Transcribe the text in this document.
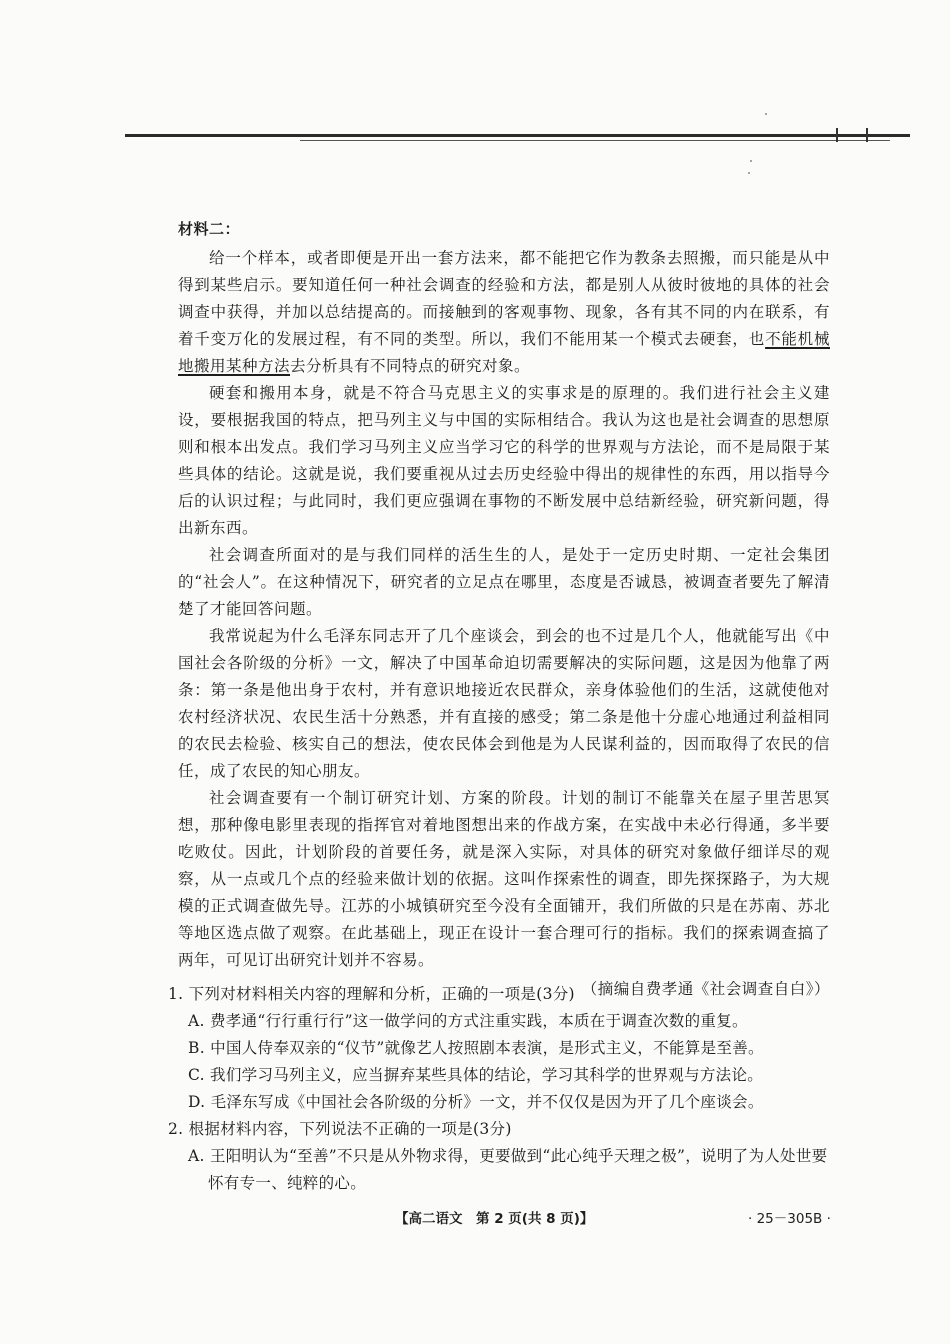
材料二：

给一个样本，或者即便是开出一套方法来，都不能把它作为教条去照搬，而只能是从中得到某些启示。要知道任何一种社会调查的经验和方法，都是别人从彼时彼地的具体的社会调查中获得，并加以总结提高的。而接触到的客观事物、现象，各有其不同的内在联系，有着千变万化的发展过程，有不同的类型。所以，我们不能用某一个模式去硬套，也不能机械地搬用某种方法去分析具有不同特点的研究对象。

硬套和搬用本身，就是不符合马克思主义的实事求是的原理的。我们进行社会主义建设，要根据我国的特点，把马列主义与中国的实际相结合。我认为这也是社会调查的思想原则和根本出发点。我们学习马列主义应当学习它的科学的世界观与方法论，而不是局限于某些具体的结论。这就是说，我们要重视从过去历史经验中得出的规律性的东西，用以指导今后的认识过程；与此同时，我们更应强调在事物的不断发展中总结新经验，研究新问题，得出新东西。

社会调查所面对的是与我们同样的活生生的人，是处于一定历史时期、一定社会集团的“社会人”。在这种情况下，研究者的立足点在哪里，态度是否诚恳，被调查者要先了解清楚了才能回答问题。

我常说起为什么毛泽东同志开了几个座谈会，到会的也不过是几个人，他就能写出《中国社会各阶级的分析》一文，解决了中国革命迫切需要解决的实际问题，这是因为他靠了两条：第一条是他出身于农村，并有意识地接近农民群众，亲身体验他们的生活，这就使他对农村经济状况、农民生活十分熟悉，并有直接的感受；第二条是他十分虚心地通过利益相同的农民去检验、核实自己的想法，使农民体会到他是为人民谋利益的，因而取得了农民的信任，成了农民的知心朋友。

社会调查要有一个制订研究计划、方案的阶段。计划的制订不能靠关在屋子里苦思冥想，那种像电影里表现的指挥官对着地图想出来的作战方案，在实战中未必行得通，多半要吃败仗。因此，计划阶段的首要任务，就是深入实际，对具体的研究对象做仔细详尽的观察，从一点或几个点的经验来做计划的依据。这叫作探索性的调查，即先探探路子，为大规模的正式调查做先导。江苏的小城镇研究至今没有全面铺开，我们所做的只是在苏南、苏北等地区选点做了观察。在此基础上，现正在设计一套合理可行的指标。我们的探索调查搞了两年，可见订出研究计划并不容易。

（摘编自费孝通《社会调查自白》）

1. 下列对材料相关内容的理解和分析，正确的一项是(3分)

A. 费孝通“行行重行行”这一做学问的方式注重实践，本质在于调查次数的重复。

B. 中国人侍奉双亲的“仪节”就像艺人按照剧本表演，是形式主义，不能算是至善。

C. 我们学习马列主义，应当摒弃某些具体的结论，学习其科学的世界观与方法论。

D. 毛泽东写成《中国社会各阶级的分析》一文，并不仅仅是因为开了几个座谈会。

2. 根据材料内容，下列说法不正确的一项是(3分)

A. 王阳明认为“至善”不只是从外物求得，更要做到“此心纯乎天理之极”，说明了为人处世要

怀有专一、纯粹的心。

【高二语文　第 2 页(共 8 页)】	· 25－305B ·
